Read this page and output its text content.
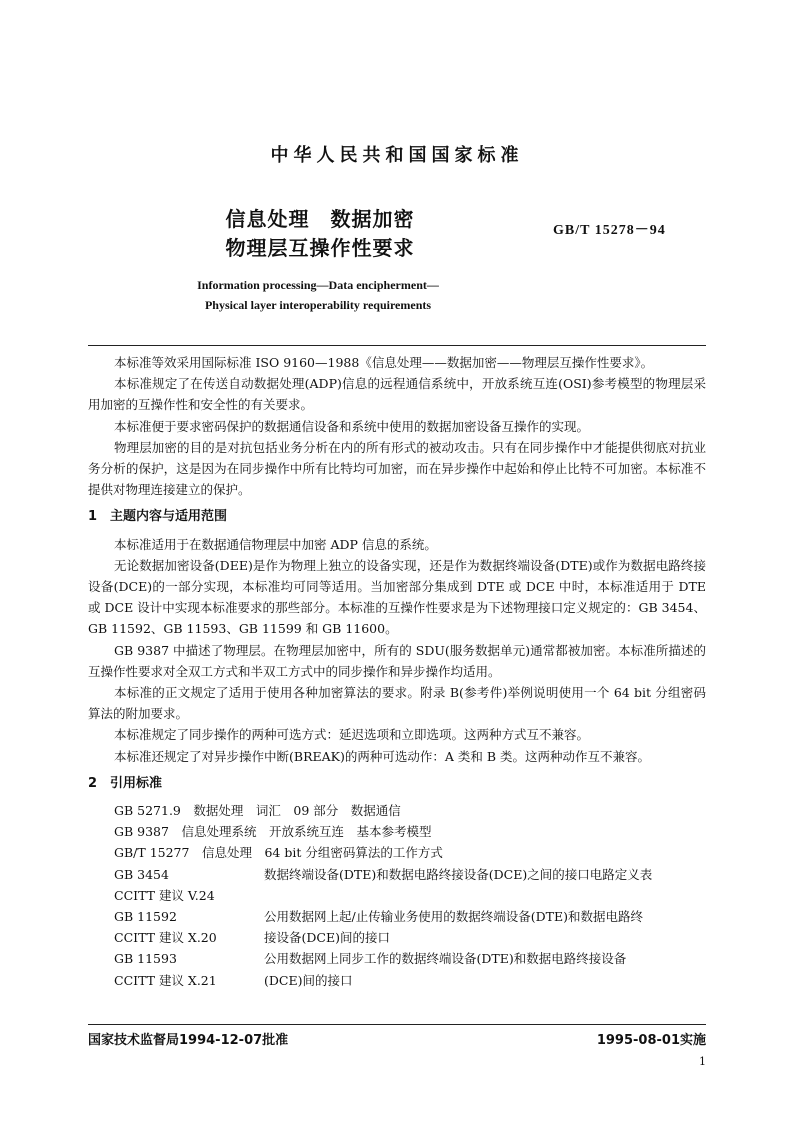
中华人民共和国国家标准
信息处理　数据加密
物理层互操作性要求
GB/T 15278－94
Information processing—Data encipherment—
Physical layer interoperability requirements

本标准等效采用国际标准 ISO 9160—1988《信息处理——数据加密——物理层互操作性要求》。

本标准规定了在传送自动数据处理(ADP)信息的远程通信系统中，开放系统互连(OSI)参考模型的物理层采用加密的互操作性和安全性的有关要求。

本标准便于要求密码保护的数据通信设备和系统中使用的数据加密设备互操作的实现。

物理层加密的目的是对抗包括业务分析在内的所有形式的被动攻击。只有在同步操作中才能提供彻底对抗业务分析的保护，这是因为在同步操作中所有比特均可加密，而在异步操作中起始和停止比特不可加密。本标准不提供对物理连接建立的保护。

1　主题内容与适用范围

本标准适用于在数据通信物理层中加密 ADP 信息的系统。

无论数据加密设备(DEE)是作为物理上独立的设备实现，还是作为数据终端设备(DTE)或作为数据电路终接设备(DCE)的一部分实现，本标准均可同等适用。当加密部分集成到 DTE 或 DCE 中时，本标准适用于 DTE 或 DCE 设计中实现本标准要求的那些部分。本标准的互操作性要求是为下述物理接口定义规定的：GB 3454、GB 11592、GB 11593、GB 11599 和 GB 11600。

GB 9387 中描述了物理层。在物理层加密中，所有的 SDU(服务数据单元)通常都被加密。本标准所描述的互操作性要求对全双工方式和半双工方式中的同步操作和异步操作均适用。

本标准的正文规定了适用于使用各种加密算法的要求。附录 B(参考件)举例说明使用一个 64 bit 分组密码算法的附加要求。

本标准规定了同步操作的两种可选方式：延迟选项和立即选项。这两种方式互不兼容。

本标准还规定了对异步操作中断(BREAK)的两种可选动作：A 类和 B 类。这两种动作互不兼容。

2　引用标准

GB 5271.9　数据处理　词汇　09 部分　数据通信
GB 9387　信息处理系统　开放系统互连　基本参考模型
GB/T 15277　信息处理　64 bit 分组密码算法的工作方式
GB 3454	数据终端设备(DTE)和数据电路终接设备(DCE)之间的接口电路定义表
CCITT 建议 V.24
GB 11592	公用数据网上起/止传输业务使用的数据终端设备(DTE)和数据电路终
CCITT 建议 X.20	接设备(DCE)间的接口
GB 11593	公用数据网上同步工作的数据终端设备(DTE)和数据电路终接设备
CCITT 建议 X.21	(DCE)间的接口
国家技术监督局1994-12-07批准	1995-08-01实施
1
